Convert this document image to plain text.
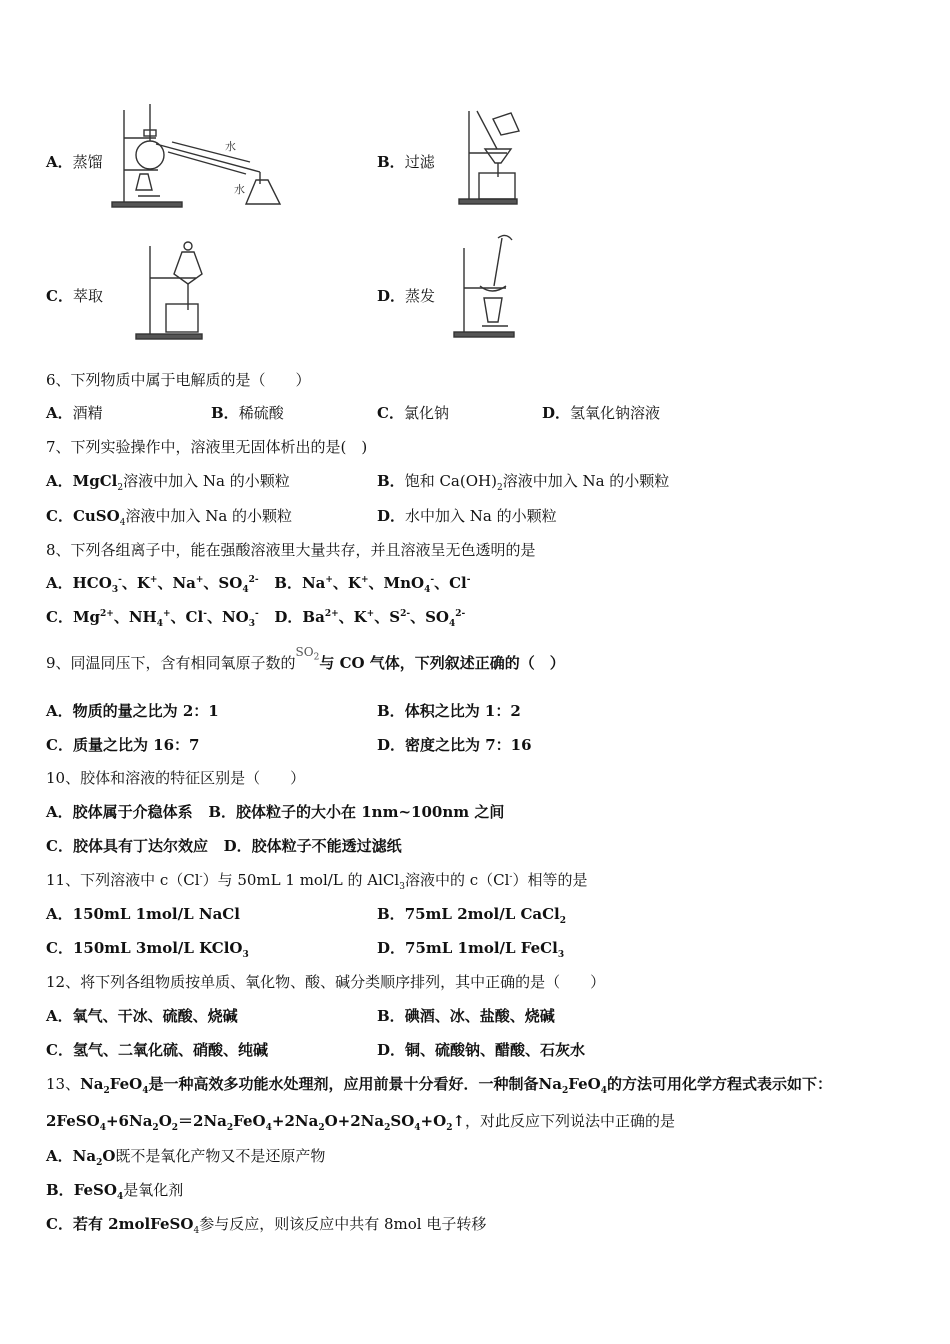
A．蒸馏
水
水
B．过滤
C．萃取	D．蒸发
6、下列物质中属于电解质的是（　　）
A．酒精	B．稀硫酸	C．氯化钠	D．氢氧化钠溶液
7、下列实验操作中，溶液里无固体析出的是(　)
A．MgCl$_2$溶液中加入 Na 的小颗粒	B．饱和 $Ca(OH)_2$溶液中加入 Na 的小颗粒
C．CuSO$_4$溶液中加入 Na 的小颗粒	D．水中加入 Na 的小颗粒
8、下列各组离子中，能在强酸溶液里大量共存，并且溶液呈无色透明的是
A．$HCO_3^-$、K+、Na+、$SO_4^{2-}$   B．Na+、K+、MnO$_4$-、Cl-
C．$Mg^{2+}$、$NH_4^+$、Cl-、$NO_3^-$   D．$Ba^{2+}$、K+、$S^{2-}$、$SO_4^{2-}$
9、同温同压下，含有相同氧原子数的$^{SO_2}$与 CO 气体，下列叙述正确的（　）
A．物质的量之比为 2：1	B．体积之比为 1：2
C．质量之比为 16：7	D．密度之比为 7：16
10、胶体和溶液的特征区别是（　　）
A．胶体属于介稳体系 B．胶体粒子的大小在 1nm~100nm 之间
C．胶体具有丁达尔效应 D．胶体粒子不能透过滤纸
11、下列溶液中 c（Cl-）与 50mL 1 mol/L 的 AlCl$_3$溶液中的 c（Cl-）相等的是
A．150mL 1mol/L NaCl	B．75mL 2mol/L CaCl$_2$
C．150mL 3mol/L KClO$_3$	D．75mL 1mol/L FeCl$_3$
12、将下列各组物质按单质、氧化物、酸、碱分类顺序排列，其中正确的是（　　）
A．氧气、干冰、硫酸、烧碱	B．碘酒、冰、盐酸、烧碱
C．氢气、二氧化硫、硝酸、纯碱	D．铜、硫酸钠、醋酸、石灰水
13、$Na_2FeO_4$是一种高效多功能水处理剂，应用前景十分看好．一种制备$Na_2FeO_4$的方法可用化学方程式表示如下：
$2FeSO_4+6Na_2O_2=2Na_2FeO_4+2Na_2O+2Na_2SO_4+O_2↑$，对此反应下列说法中正确的是
A．$Na_2O$既不是氧化产物又不是还原产物
B．FeSO$_4$是氧化剂
C．若有 2molFeSO$_4$参与反应，则该反应中共有 8mol 电子转移
